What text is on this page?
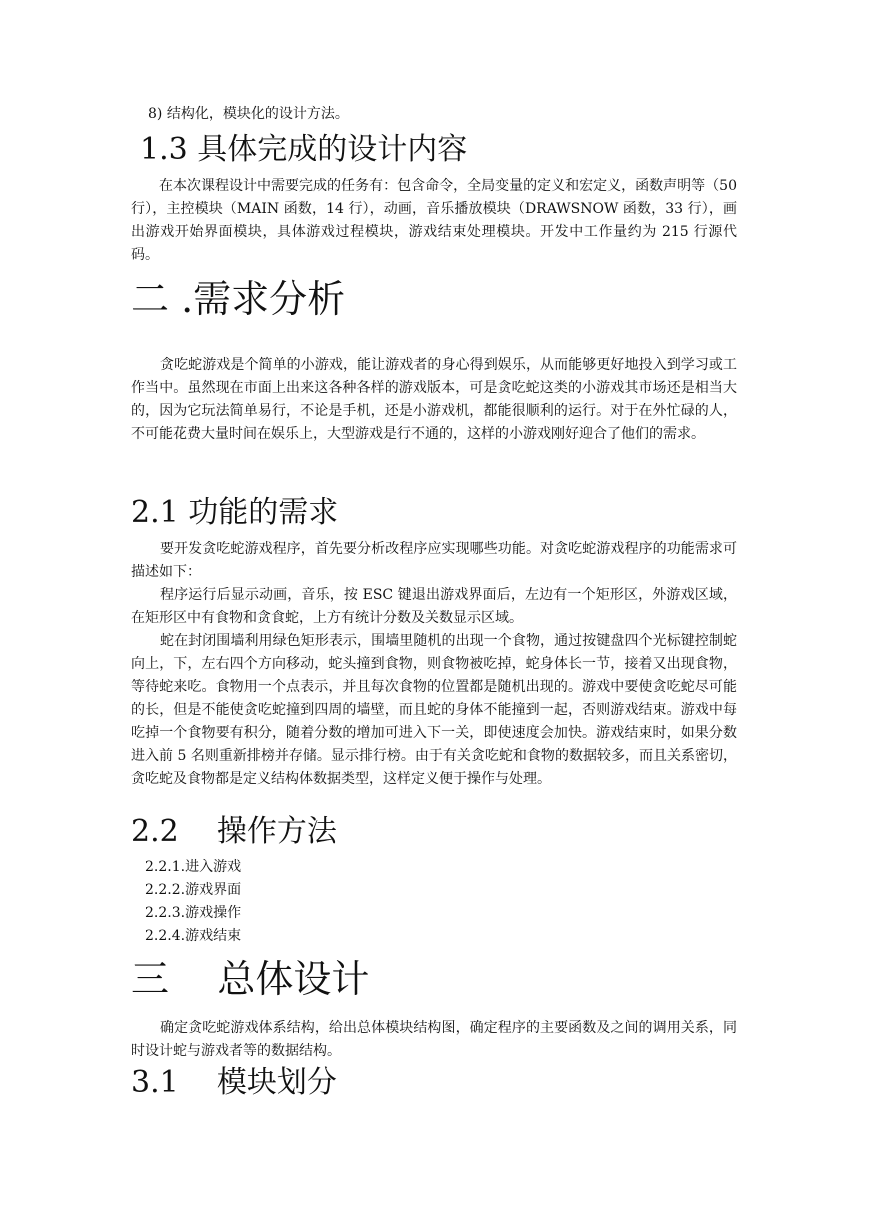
8) 结构化，模块化的设计方法。
1.3 具体完成的设计内容
在本次课程设计中需要完成的任务有：包含命令，全局变量的定义和宏定义，函数声明等（50 行），主控模块（MAIN 函数，14 行），动画，音乐播放模块（DRAWSNOW 函数，33 行），画出游戏开始界面模块，具体游戏过程模块，游戏结束处理模块。开发中工作量约为 215 行源代码。
二 .需求分析
贪吃蛇游戏是个简单的小游戏，能让游戏者的身心得到娱乐，从而能够更好地投入到学习或工作当中。虽然现在市面上出来这各种各样的游戏版本，可是贪吃蛇这类的小游戏其市场还是相当大的，因为它玩法简单易行，不论是手机，还是小游戏机，都能很顺利的运行。对于在外忙碌的人，不可能花费大量时间在娱乐上，大型游戏是行不通的，这样的小游戏刚好迎合了他们的需求。
2.1 功能的需求
要开发贪吃蛇游戏程序，首先要分析改程序应实现哪些功能。对贪吃蛇游戏程序的功能需求可描述如下：
程序运行后显示动画，音乐，按 ESC 键退出游戏界面后，左边有一个矩形区，外游戏区域，在矩形区中有食物和贪食蛇，上方有统计分数及关数显示区域。
蛇在封闭围墙利用绿色矩形表示，围墙里随机的出现一个食物，通过按键盘四个光标键控制蛇向上，下，左右四个方向移动，蛇头撞到食物，则食物被吃掉，蛇身体长一节，接着又出现食物，等待蛇来吃。食物用一个点表示，并且每次食物的位置都是随机出现的。游戏中要使贪吃蛇尽可能的长，但是不能使贪吃蛇撞到四周的墙壁，而且蛇的身体不能撞到一起，否则游戏结束。游戏中每吃掉一个食物要有积分，随着分数的增加可进入下一关，即使速度会加快。游戏结束时，如果分数进入前 5 名则重新排榜并存储。显示排行榜。由于有关贪吃蛇和食物的数据较多，而且关系密切，贪吃蛇及食物都是定义结构体数据类型，这样定义便于操作与处理。
2.2    操作方法
2.2.1.进入游戏
2.2.2.游戏界面
2.2.3.游戏操作
2.2.4.游戏结束
三    总体设计
确定贪吃蛇游戏体系结构，给出总体模块结构图，确定程序的主要函数及之间的调用关系，同时设计蛇与游戏者等的数据结构。
3.1    模块划分
